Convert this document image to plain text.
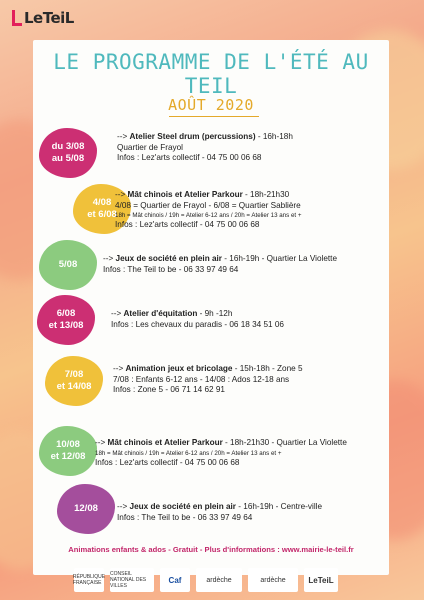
LeTeiL
LE PROGRAMME DE L'ÉTÉ AU TEIL
AOÛT 2020
du 3/08
au 5/08
--> Atelier Steel drum (percussions) - 16h-18h
Quartier de Frayol
Infos : Lez'arts collectif - 04 75 00 06 68
4/08
et 6/08
--> Mât chinois et Atelier Parkour - 18h-21h30
4/08 = Quartier de Frayol - 6/08 = Quartier Sablière
18h = Mât chinois / 19h = Atelier 6-12 ans / 20h = Atelier 13 ans et +
Infos : Lez'arts collectif - 04 75 00 06 68
5/08
--> Jeux de société en plein air - 16h-19h - Quartier La Violette
Infos : The Teil to be - 06 33 97 49 64
6/08
et 13/08
--> Atelier d'équitation - 9h -12h
Infos : Les chevaux du paradis - 06 18 34 51 06
7/08
et 14/08
--> Animation jeux et bricolage - 15h-18h - Zone 5
7/08 : Enfants 6-12 ans - 14/08 : Ados 12-18 ans
Infos : Zone 5 - 06 71 14 62 91
10/08
et 12/08
--> Mât chinois et Atelier Parkour - 18h-21h30 - Quartier La Violette
18h = Mât chinois / 19h = Atelier 6-12 ans / 20h = Atelier 13 ans et +
Infos : Lez'arts collectif - 04 75 00 06 68
12/08 --> Jeux de société en plein air - 16h-19h - Centre-ville
Infos : The Teil to be - 06 33 97 49 64
Animations enfants & ados - Gratuit - Plus d'informations : www.mairie-le-teil.fr
RÉPUBLIQUE FRANÇAISE
CONSEIL NATIONAL DES VILLES
Caf	ardèche	ardèche	LeTeiL
